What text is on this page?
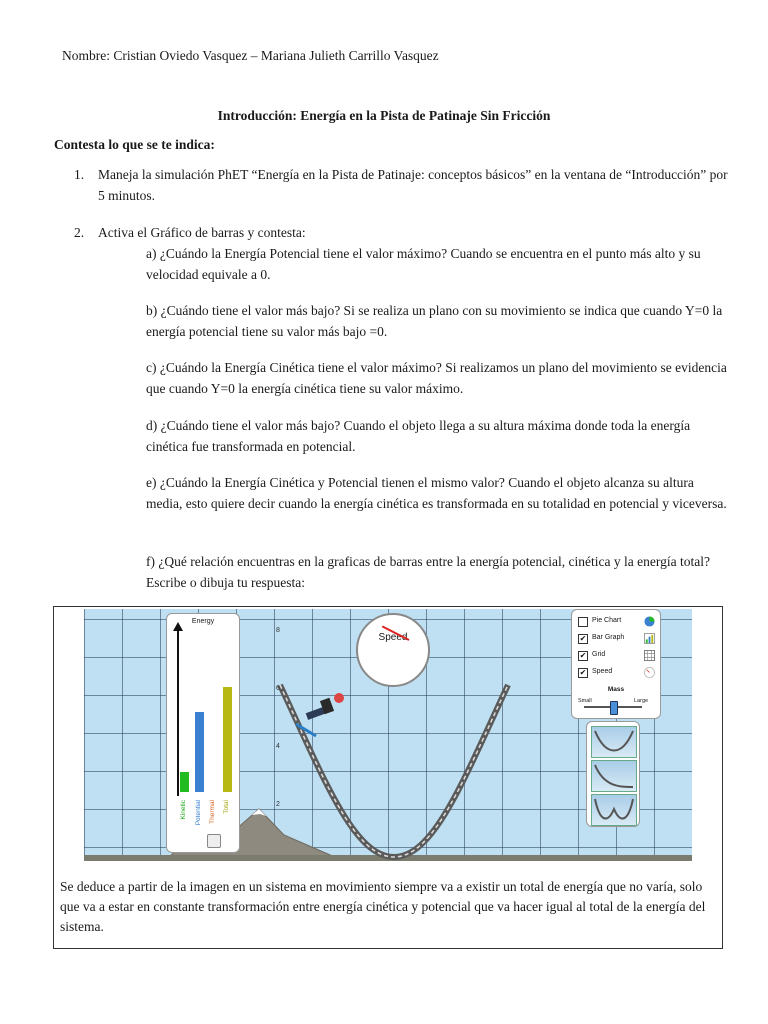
Nombre: Cristian Oviedo Vasquez – Mariana Julieth Carrillo Vasquez
Introducción: Energía en la Pista de Patinaje Sin Fricción
Contesta lo que se te indica:
1. Maneja la simulación PhET “Energía en la Pista de Patinaje: conceptos básicos” en la ventana de “Introducción” por 5 minutos.
2. Activa el Gráfico de barras y contesta:
a) ¿Cuándo la Energía Potencial tiene el valor máximo? Cuando se encuentra en el punto más alto y su velocidad equivale a 0.
b) ¿Cuándo tiene el valor más bajo? Si se realiza un plano con su movimiento se indica que cuando Y=0 la energía potencial tiene su valor más bajo =0.
c) ¿Cuándo la Energía Cinética tiene el valor máximo? Si realizamos un plano del movimiento se evidencia que cuando Y=0 la energía cinética tiene su valor máximo.
d) ¿Cuándo tiene el valor más bajo? Cuando el objeto llega a su altura máxima donde toda la energía cinética fue transformada en potencial.
e) ¿Cuándo la Energía Cinética y Potencial tienen el mismo valor? Cuando el objeto alcanza su altura media, esto quiere decir cuando la energía cinética es transformada en su totalidad en potencial y viceversa.
f) ¿Qué relación encuentras en la graficas de barras entre la energía potencial, cinética y la energía total? Escribe o dibuja tu respuesta:
8
6
4
2
Energy
Kinetic Potential Thermal Total
Speed
Pie Chart
✔ Bar Graph
✔ Grid
✔ Speed
Mass
Small	Large
Se deduce a partir de la imagen en un sistema en movimiento siempre va a existir un total de energía que no varía, solo que va a estar en constante transformación entre energía cinética y potencial que va hacer igual al total de la energía del sistema.
